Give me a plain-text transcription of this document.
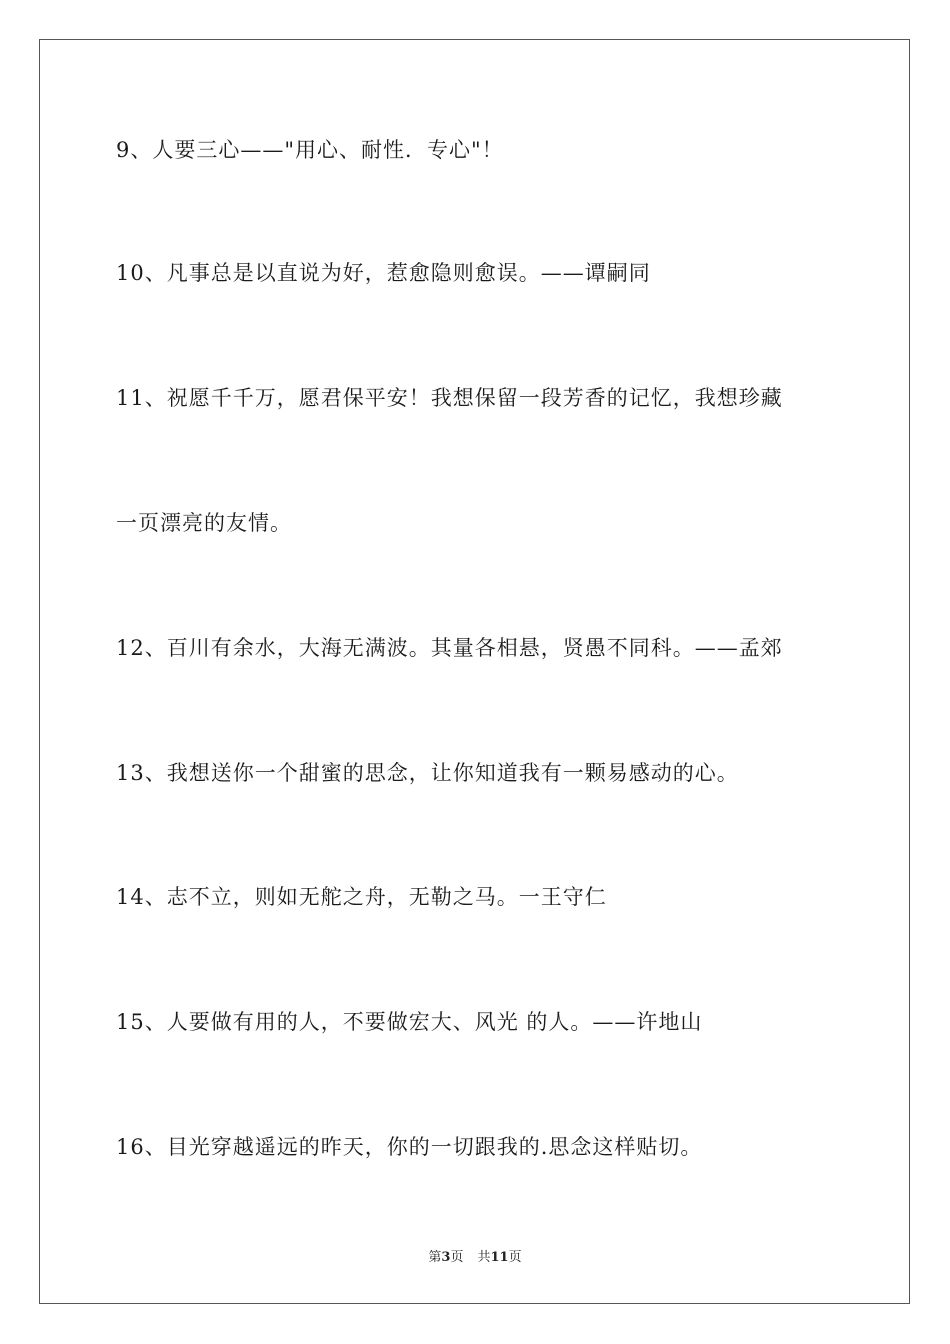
9、人要三心——"用心、耐性．专心"！
10、凡事总是以直说为好，惹愈隐则愈误。——谭嗣同
11、祝愿千千万，愿君保平安！我想保留一段芳香的记忆，我想珍藏
一页漂亮的友情。
12、百川有余水，大海无满波。其量各相悬，贤愚不同科。——孟郊
13、我想送你一个甜蜜的思念，让你知道我有一颗易感动的心。
14、志不立，则如无舵之舟，无勒之马。一王守仁
15、人要做有用的人，不要做宏大、风光 的人。——许地山
16、目光穿越遥远的昨天，你的一切跟我的.思念这样贴切。
第3页 共11页
